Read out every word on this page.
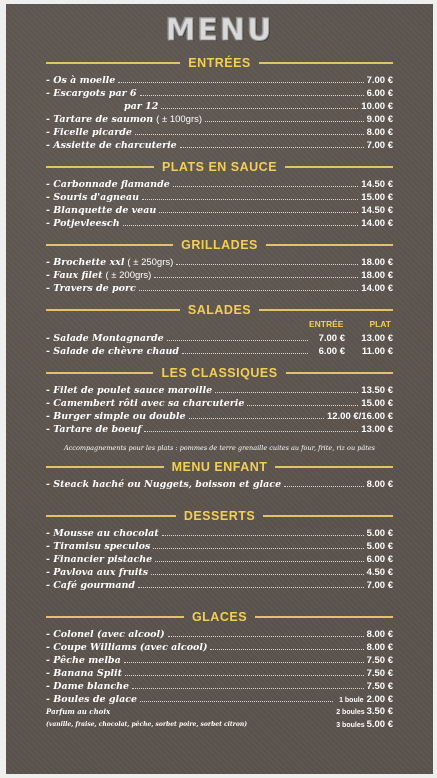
MENU
ENTRÉES
- Os à moelle	7.00 €
- Escargots par 6	6.00 €
par 12	10.00 €
- Tartare de saumon ( ± 100grs)	9.00 €
- Ficelle picarde	8.00 €
- Assiette de charcuterie	7.00 €
PLATS EN SAUCE
- Carbonnade flamande	14.50 €
- Souris d'agneau	15.00 €
- Blanquette de veau	14.50 €
- Potjevleesch	14.00 €
GRILLADES
- Brochette xxl ( ± 250grs)	18.00 €
- Faux filet ( ± 200grs)	18.00 €
- Travers de porc	14.00 €
SALADES
ENTRÉE	PLAT
- Salade Montagnarde	7.00 €	13.00 €
- Salade de chèvre chaud	6.00 €	11.00 €
LES CLASSIQUES
- Filet de poulet sauce maroille	13.50 €
- Camembert rôti avec sa charcuterie	15.00 €
- Burger simple ou double	12.00 €/16.00 €
- Tartare de boeuf	13.00 €
Accompagnements pour les plats : pommes de terre grenaille cuites au four, frite, riz ou pâtes
MENU ENFANT
- Steack haché ou Nuggets, boisson et glace	8.00 €
DESSERTS
- Mousse au chocolat	5.00 €
- Tiramisu speculos	5.00 €
- Financier pistache	6.00 €
- Pavlova aux fruits	4.50 €
- Café gourmand	7.00 €
GLACES
- Colonel (avec alcool)	8.00 €
- Coupe Williams (avec alcool)	8.00 €
- Pêche melba	7.50 €
- Banana Split	7.50 €
- Dame blanche	7.50 €
- Boules de glace	1 boule 2.00 €
Parfum au choix	2 boules 3.50 €
(vanille, fraise, chocolat, pêche, sorbet poire, sorbet citron)	3 boules 5.00 €
